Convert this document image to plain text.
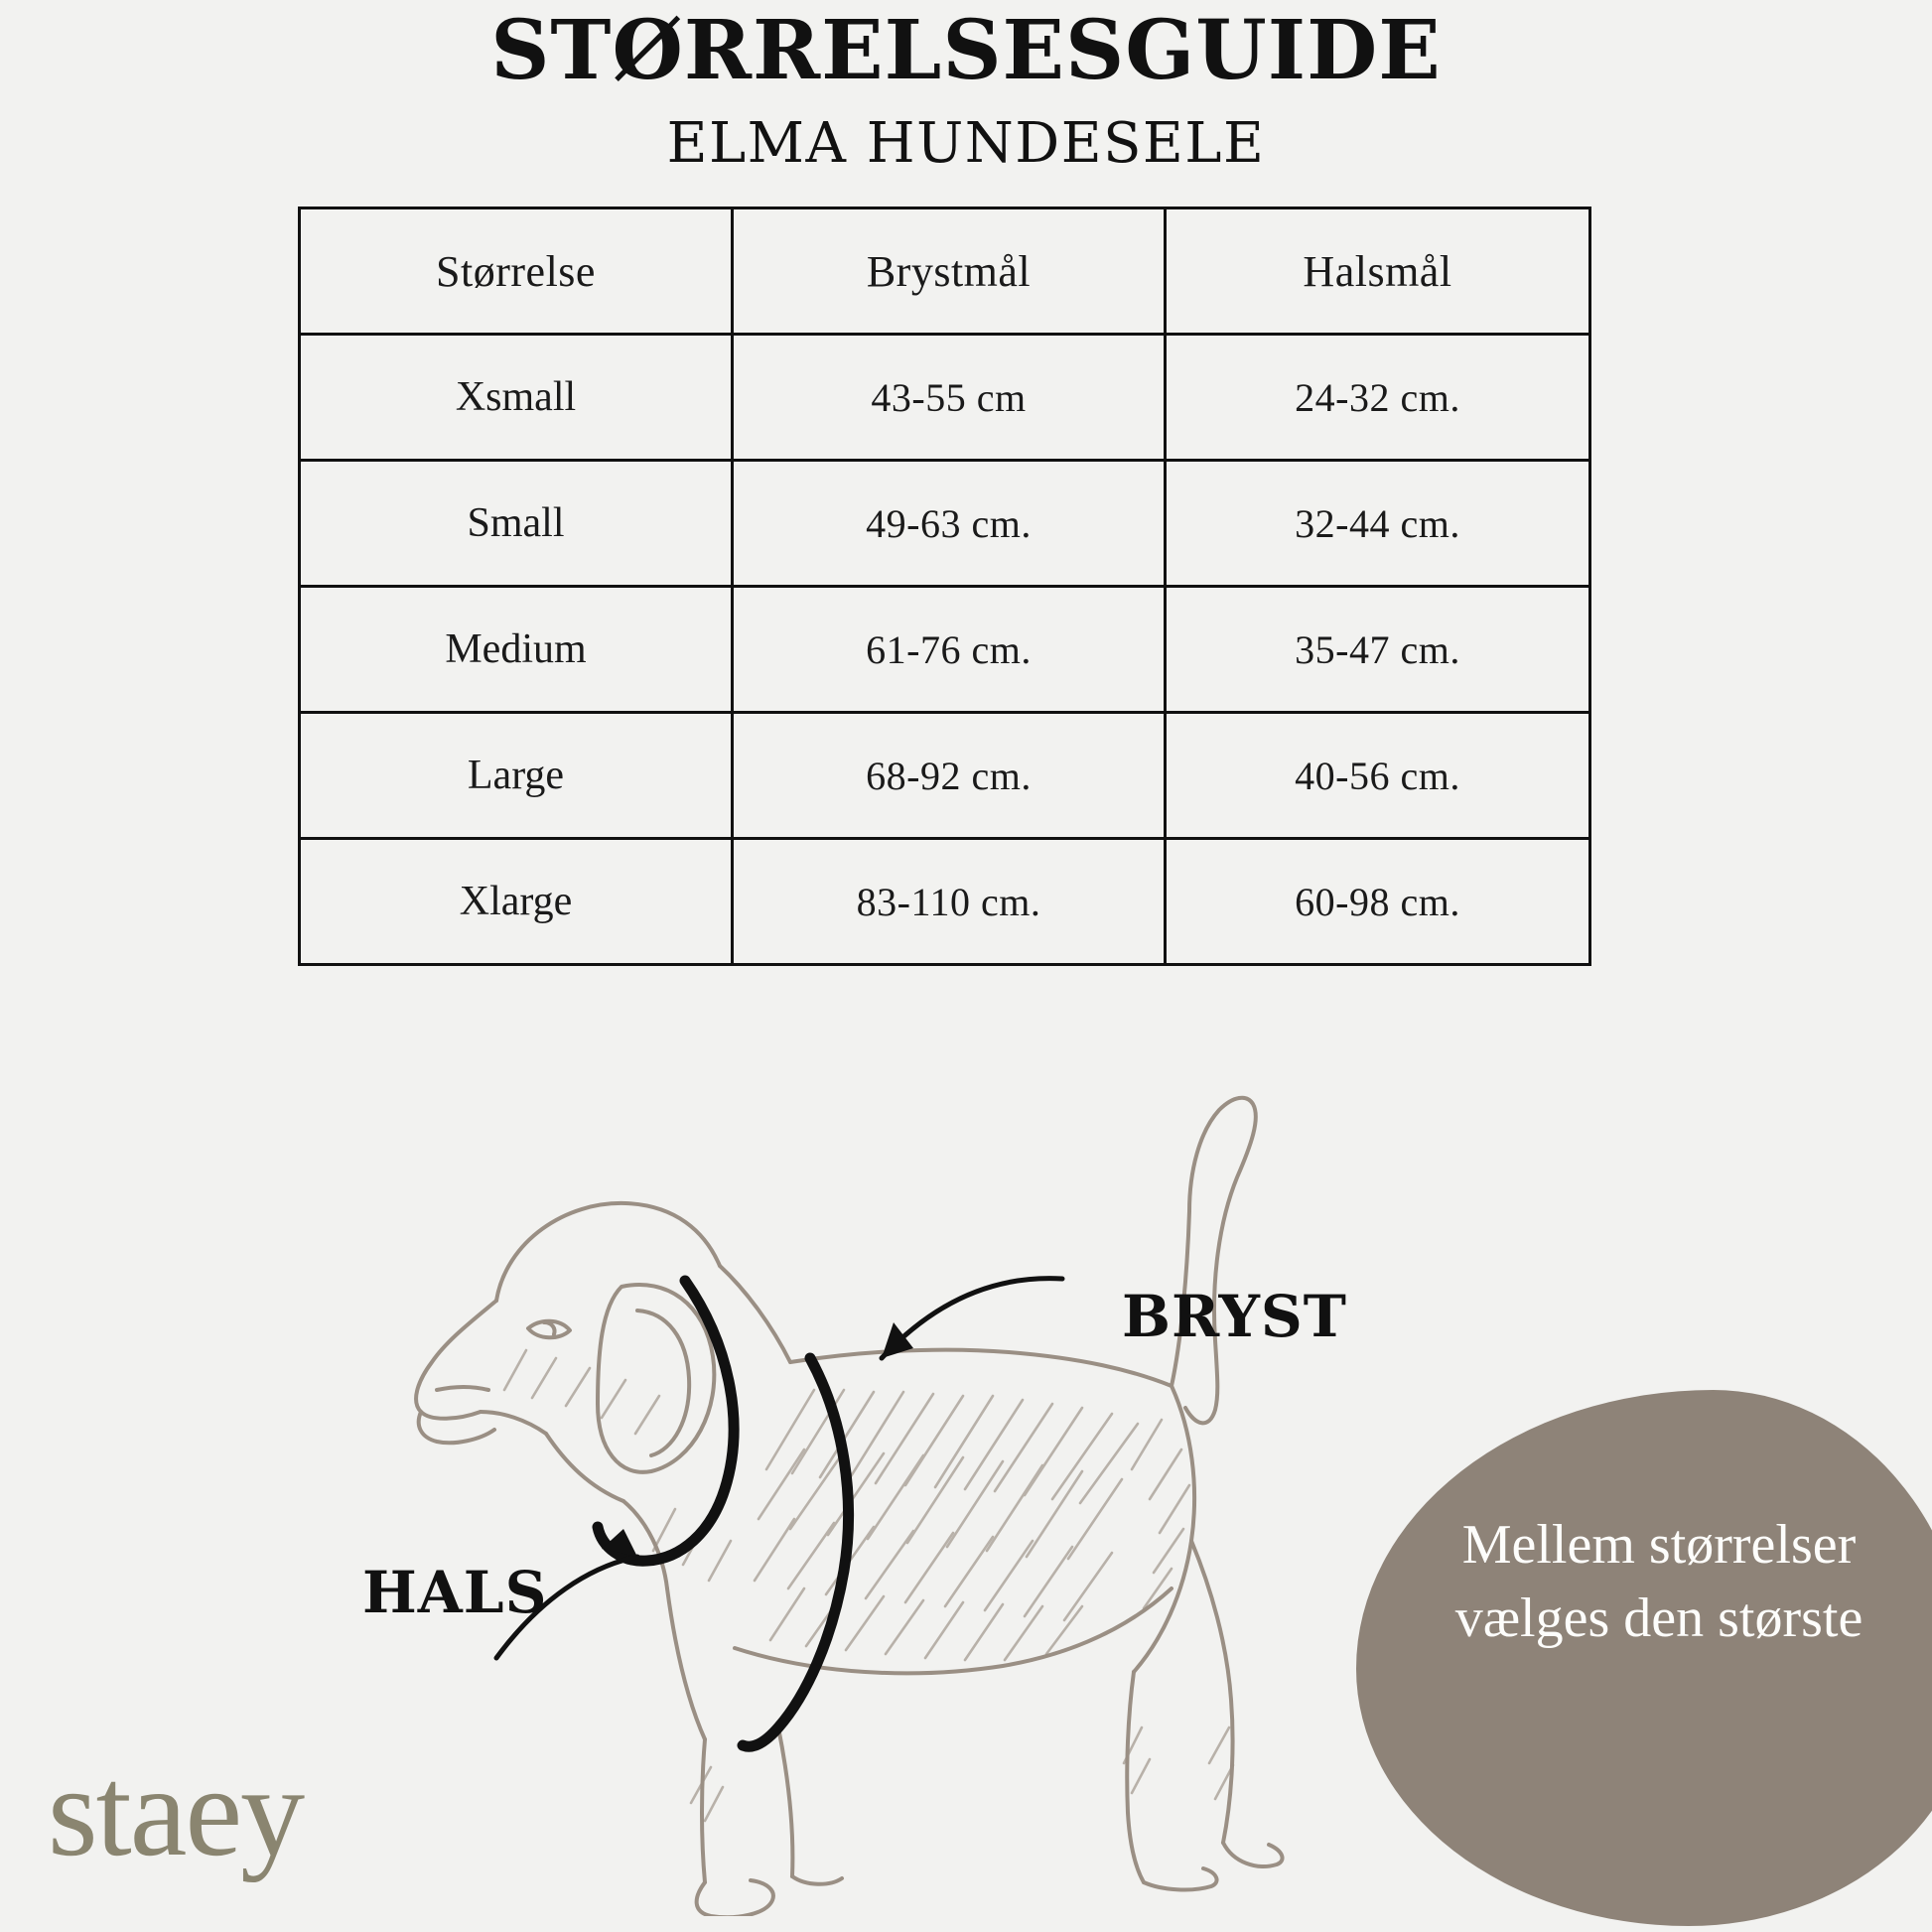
STØRRELSESGUIDE
ELMA HUNDESELE
Størrelse	Brystmål	Halsmål
Xsmall	43-55 cm	24-32 cm.
Small	49-63 cm.	32-44 cm.
Medium	61-76 cm.	35-47 cm.
Large	68-92 cm.	40-56 cm.
Xlarge	83-110 cm.	60-98 cm.
BRYST
HALS
Mellem størrelser vælges den største
staey
